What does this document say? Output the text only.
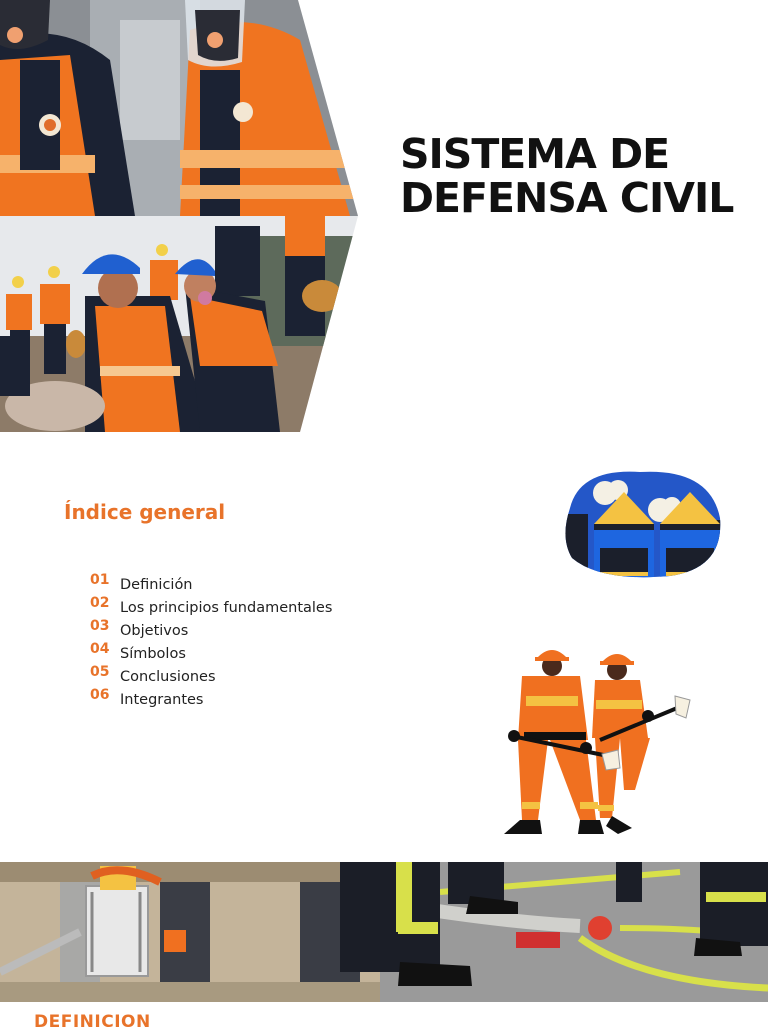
SISTEMA DE
DEFENSA CIVIL
Índice general
01 Definición
02 Los principios fundamentales
03 Objetivos
04 Símbolos
05 Conclusiones
06 Integrantes
DEFINICION
